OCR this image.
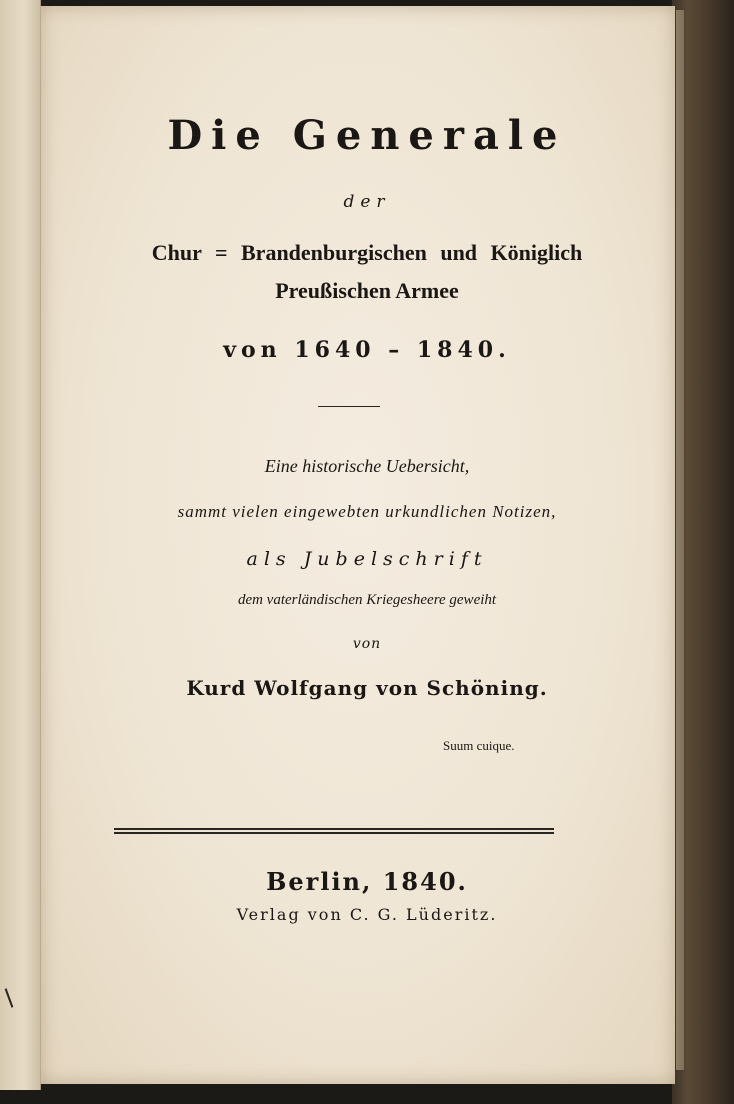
Die Generale
der
Chur = Brandenburgischen und Königlich
Preußischen Armee
von 1640 – 1840.
Eine historische Uebersicht,
sammt vielen eingewebten urkundlichen Notizen,
als Jubelschrift
dem vaterländischen Kriegesheere geweiht
von
Kurd Wolfgang von Schöning.
Suum cuique.
Berlin, 1840.
Verlag von C. G. Lüderitz.
